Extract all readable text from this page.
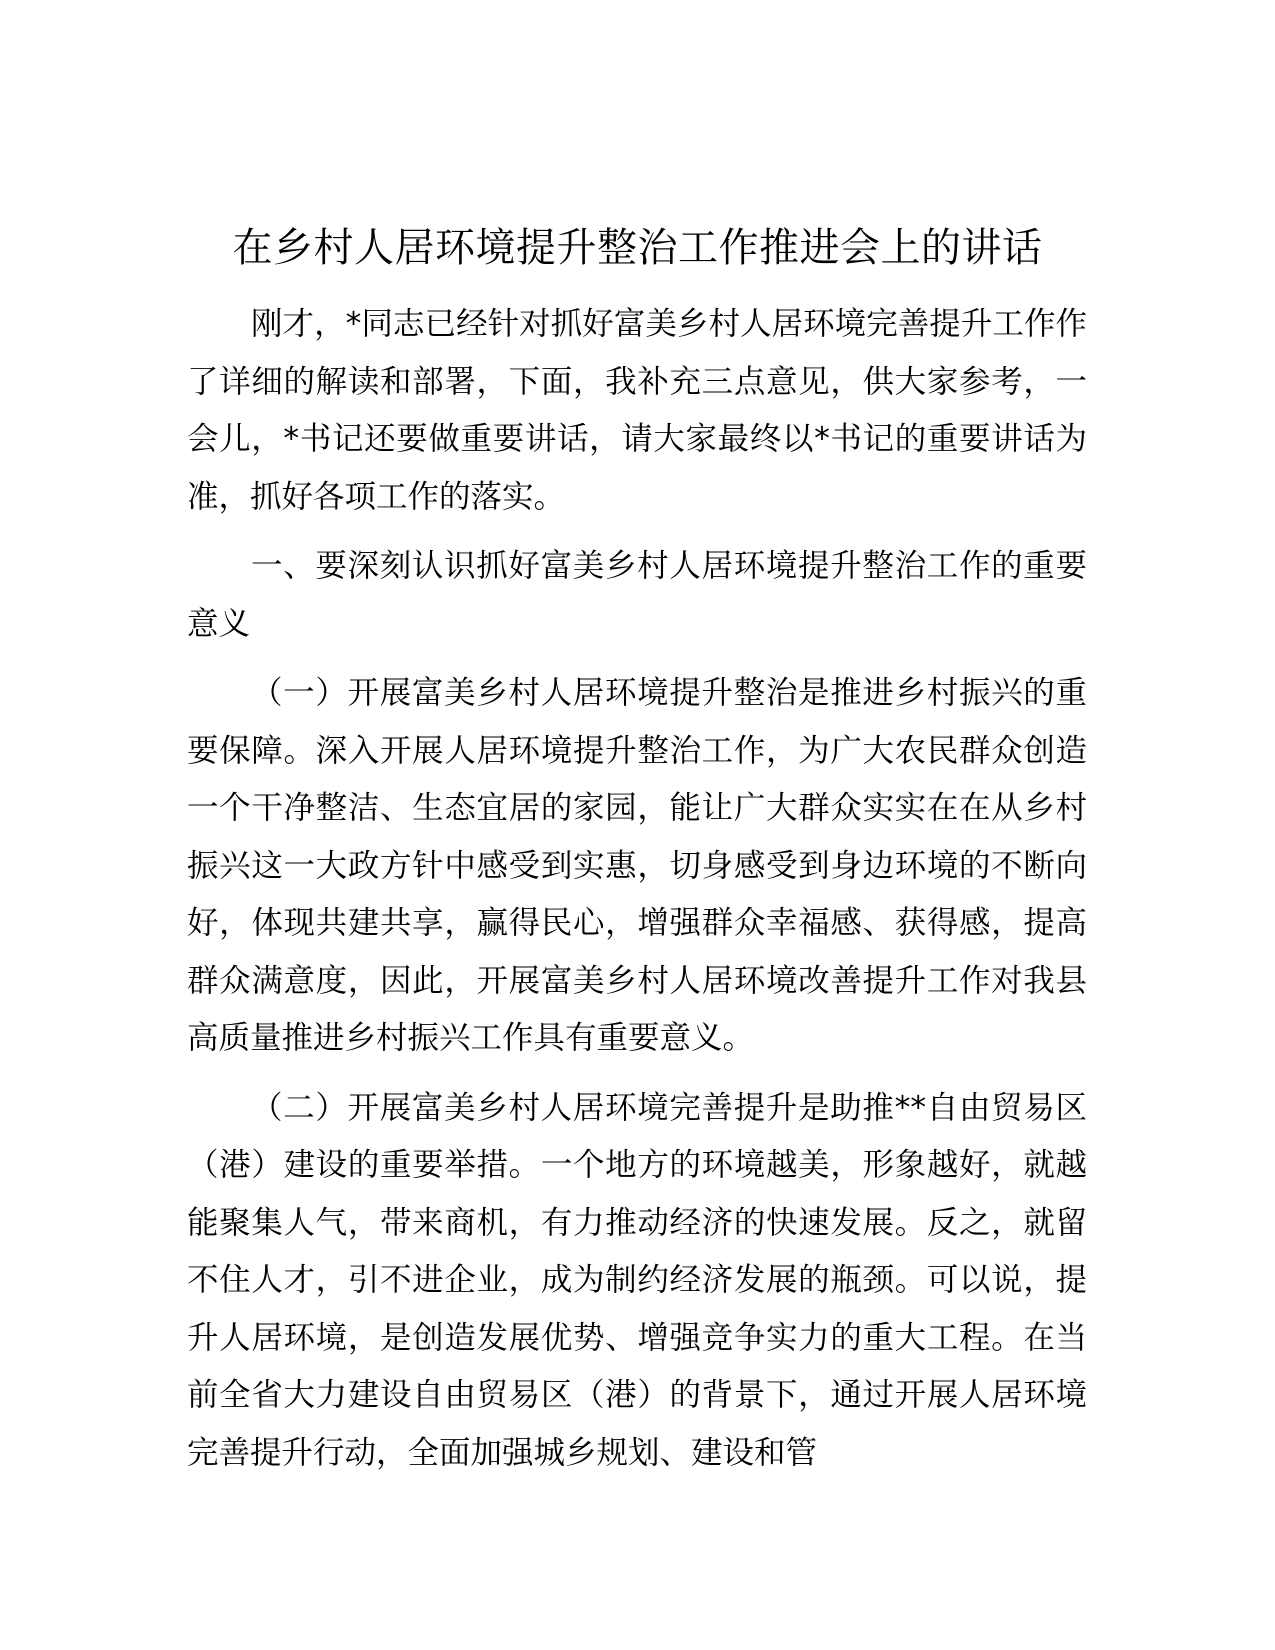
在乡村人居环境提升整治工作推进会上的讲话

刚才，*同志已经针对抓好富美乡村人居环境完善提升工作作了详细的解读和部署，下面，我补充三点意见，供大家参考，一会儿，*书记还要做重要讲话，请大家最终以*书记的重要讲话为准，抓好各项工作的落实。

一、要深刻认识抓好富美乡村人居环境提升整治工作的重要意义

（一）开展富美乡村人居环境提升整治是推进乡村振兴的重要保障。深入开展人居环境提升整治工作，为广大农民群众创造一个干净整洁、生态宜居的家园，能让广大群众实实在在从乡村振兴这一大政方针中感受到实惠，切身感受到身边环境的不断向好，体现共建共享，赢得民心，增强群众幸福感、获得感，提高群众满意度，因此，开展富美乡村人居环境改善提升工作对我县高质量推进乡村振兴工作具有重要意义。

（二）开展富美乡村人居环境完善提升是助推**自由贸易区（港）建设的重要举措。一个地方的环境越美，形象越好，就越能聚集人气，带来商机，有力推动经济的快速发展。反之，就留不住人才，引不进企业，成为制约经济发展的瓶颈。可以说，提升人居环境，是创造发展优势、增强竞争实力的重大工程。在当前全省大力建设自由贸易区（港）的背景下，通过开展人居环境完善提升行动，全面加强城乡规划、建设和管
